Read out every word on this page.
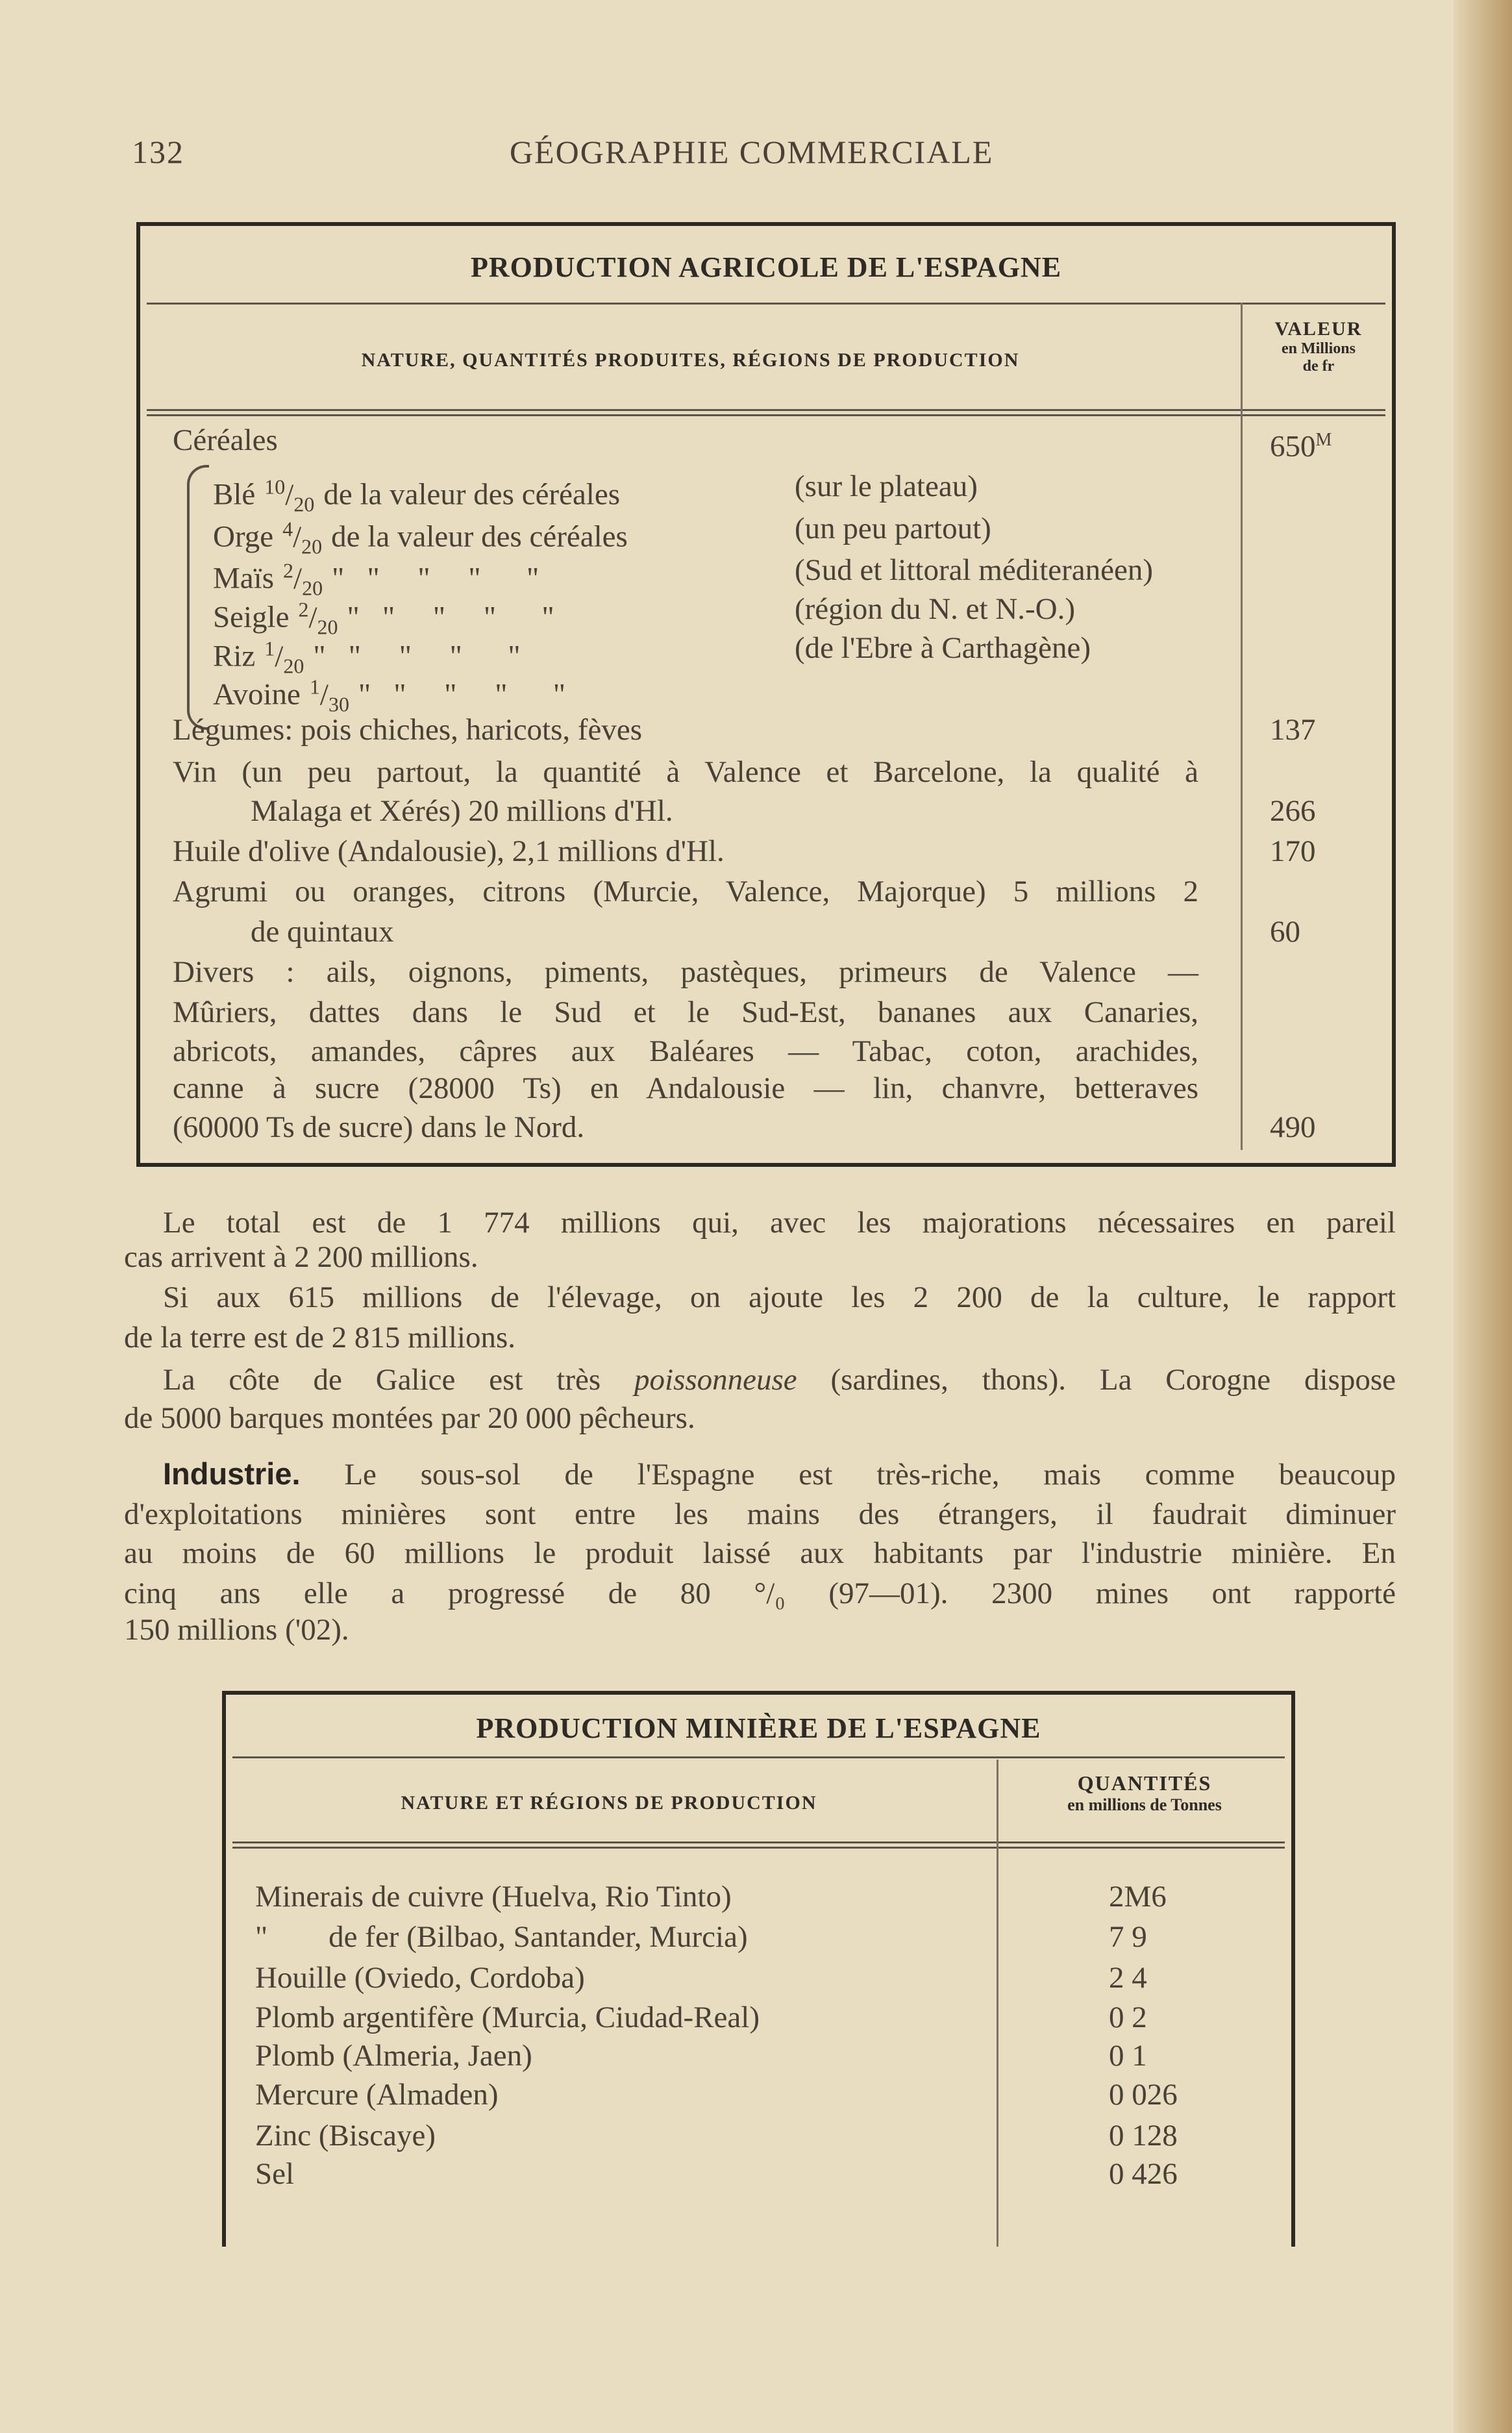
132	GÉOGRAPHIE COMMERCIALE
PRODUCTION AGRICOLE DE L'ESPAGNE
NATURE, QUANTITÉS PRODUITES, RÉGIONS DE PRODUCTION
VALEUR
en Millions
de fr
Céréales	$650^M$
Blé $^{10}/_{20}$ de la valeur des céréales	(sur le plateau)
Orge $^4/_{20}$ de la valeur des céréales	(un peu partout)
Maïs $^2/_{20}$ "   "     "     "      "	(Sud et littoral méditeranéen)
Seigle $^2/_{20}$ "   "     "     "      "	(région du N. et N.-O.)
Riz $^1/_{20}$ "   "     "     "      "	(de l'Ebre à Carthagène)
Avoine $^1/_{30}$ "   "     "     "      "
Légumes: pois chiches, haricots, fèves	137
Vin (un peu partout, la quantité à Valence et Barcelone, la qualité à
Malaga et Xérés) 20 millions d'Hl.	266
Huile d'olive (Andalousie), 2,1 millions d'Hl.	170
Agrumi ou oranges, citrons (Murcie, Valence, Majorque) 5 millions 2
de quintaux	60
Divers : ails, oignons, piments, pastèques, primeurs de Valence —
Mûriers, dattes dans le Sud et le Sud-Est, bananes aux Canaries,
abricots, amandes, câpres aux Baléares — Tabac, coton, arachides,
canne à sucre (28000 Ts) en Andalousie — lin, chanvre, betteraves
(60000 Ts de sucre) dans le Nord.	490
Le total est de 1 774 millions qui, avec les majorations nécessaires en pareil
cas arrivent à 2 200 millions.
Si aux 615 millions de l'élevage, on ajoute les 2 200 de la culture, le rapport
de la terre est de 2 815 millions.
La côte de Galice est très poissonneuse (sardines, thons). La Corogne dispose
de 5000 barques montées par 20 000 pêcheurs.
Industrie. Le sous-sol de l'Espagne est très-riche, mais comme beaucoup
d'exploitations minières sont entre les mains des étrangers, il faudrait diminuer
au moins de 60 millions le produit laissé aux habitants par l'industrie minière. En
cinq ans elle a progressé de 80 °/₀ (97—01). 2300 mines ont rapporté
150 millions ('02).
PRODUCTION MINIÈRE DE L'ESPAGNE
NATURE ET RÉGIONS DE PRODUCTION
QUANTITÉS
en millions de Tonnes
Minerais de cuivre (Huelva, Rio Tinto)	2M6
"        de fer (Bilbao, Santander, Murcia)	7 9
Houille (Oviedo, Cordoba)	2 4
Plomb argentifère (Murcia, Ciudad-Real)	0 2
Plomb (Almeria, Jaen)	0 1
Mercure (Almaden)	0 026
Zinc (Biscaye)	0 128
Sel	0 426
